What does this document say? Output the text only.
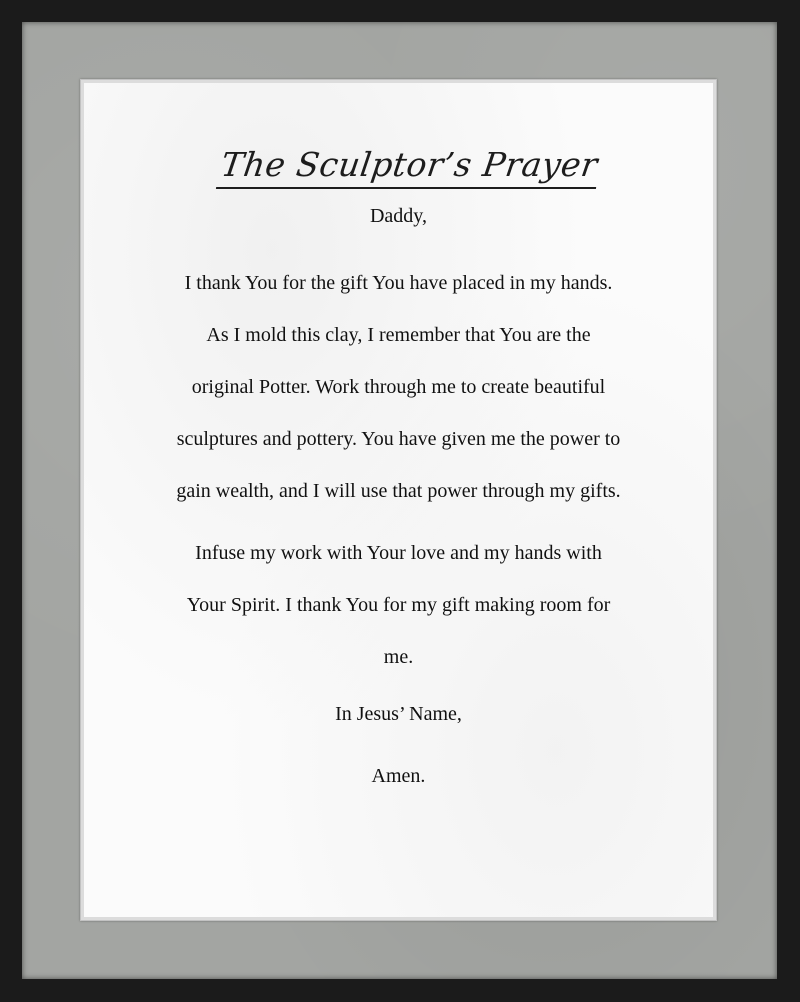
The Sculptor’s Prayer

Daddy,

I thank You for the gift You have placed in my hands.
As I mold this clay, I remember that You are the
original Potter. Work through me to create beautiful
sculptures and pottery. You have given me the power to
gain wealth, and I will use that power through my gifts.
Infuse my work with Your love and my hands with
Your Spirit. I thank You for my gift making room for
me.

In Jesus’ Name,

Amen.
